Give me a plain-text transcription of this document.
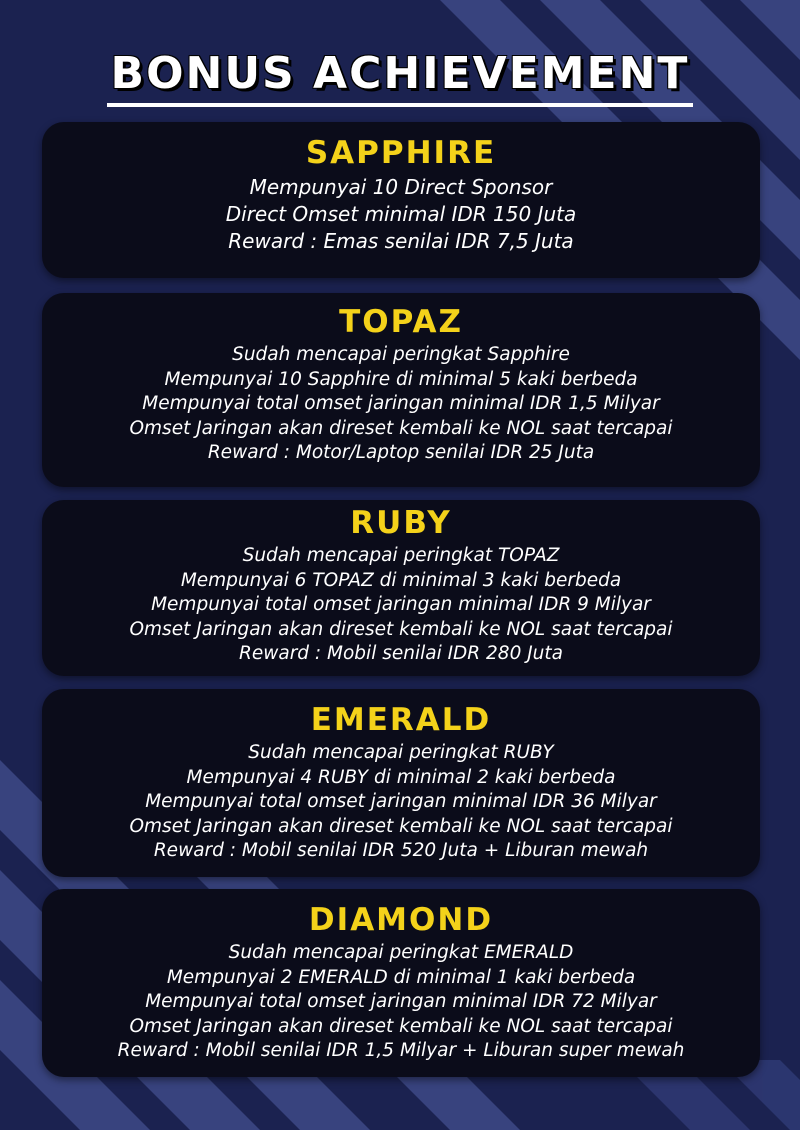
BONUS ACHIEVEMENT
SAPPHIRE
Mempunyai 10 Direct Sponsor
Direct Omset minimal IDR 150 Juta
Reward : Emas senilai IDR 7,5 Juta
TOPAZ
Sudah mencapai peringkat Sapphire
Mempunyai 10 Sapphire di minimal 5 kaki berbeda
Mempunyai total omset jaringan minimal IDR 1,5 Milyar
Omset Jaringan akan direset kembali ke NOL saat tercapai
Reward : Motor/Laptop senilai IDR 25 Juta
RUBY
Sudah mencapai peringkat TOPAZ
Mempunyai 6 TOPAZ di minimal 3 kaki berbeda
Mempunyai total omset jaringan minimal IDR 9 Milyar
Omset Jaringan akan direset kembali ke NOL saat tercapai
Reward : Mobil senilai IDR 280 Juta
EMERALD
Sudah mencapai peringkat RUBY
Mempunyai 4 RUBY di minimal 2 kaki berbeda
Mempunyai total omset jaringan minimal IDR 36 Milyar
Omset Jaringan akan direset kembali ke NOL saat tercapai
Reward : Mobil senilai IDR 520 Juta + Liburan mewah
DIAMOND
Sudah mencapai peringkat EMERALD
Mempunyai 2 EMERALD di minimal 1 kaki berbeda
Mempunyai total omset jaringan minimal IDR 72 Milyar
Omset Jaringan akan direset kembali ke NOL saat tercapai
Reward : Mobil senilai IDR 1,5 Milyar + Liburan super mewah
